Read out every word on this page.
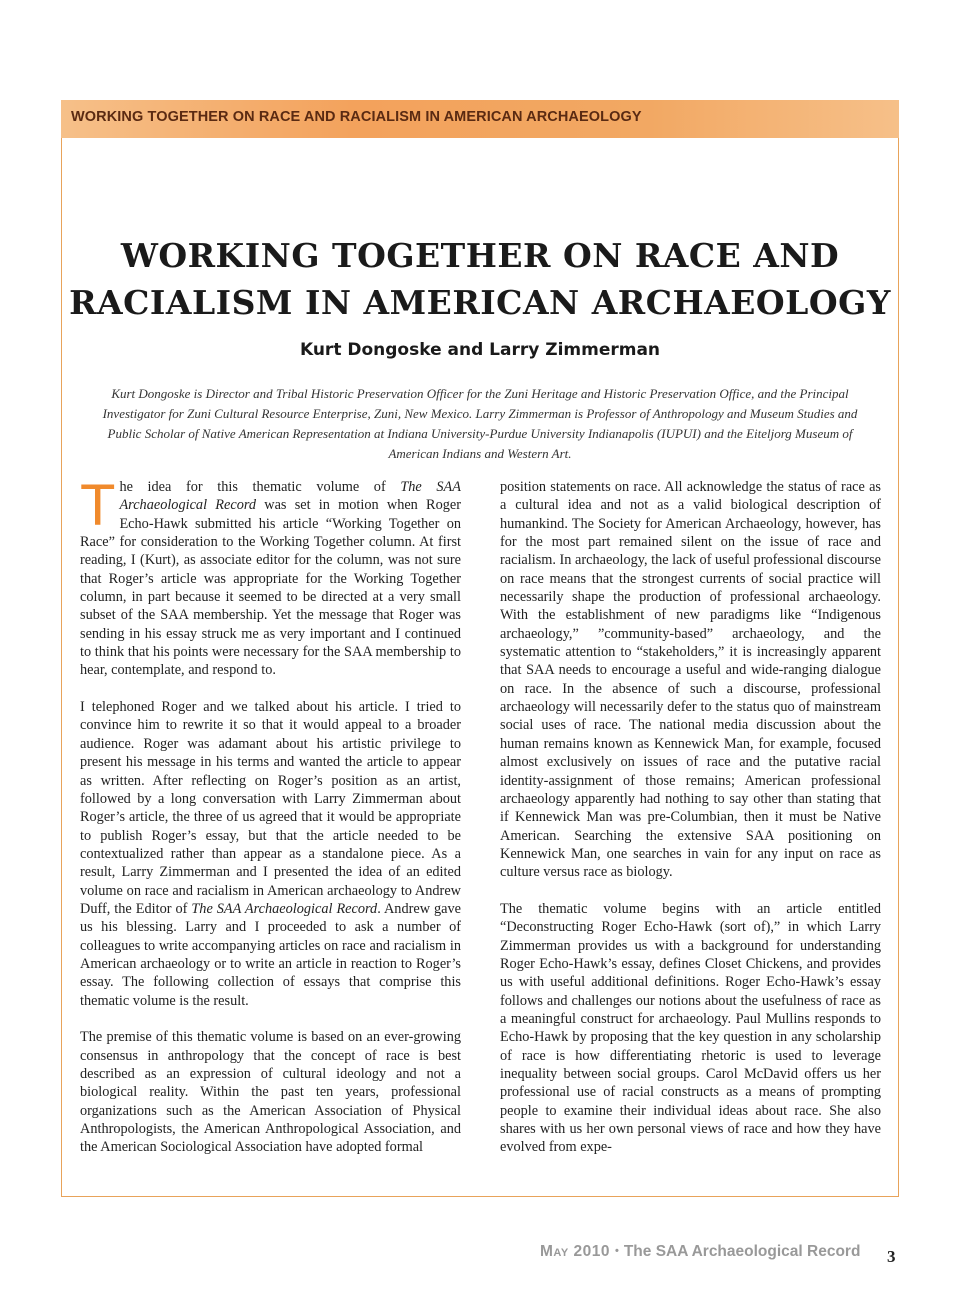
WORKING TOGETHER ON RACE AND RACIALISM IN AMERICAN ARCHAEOLOGY
WORKING TOGETHER ON RACE AND
RACIALISM IN AMERICAN ARCHAEOLOGY
Kurt Dongoske and Larry Zimmerman
Kurt Dongoske is Director and Tribal Historic Preservation Officer for the Zuni Heritage and Historic Preservation Office, and the Principal Investigator for Zuni Cultural Resource Enterprise, Zuni, New Mexico. Larry Zimmerman is Professor of Anthropology and Museum Studies and Public Scholar of Native American Representation at Indiana University-Purdue University Indianapolis (IUPUI) and the Eiteljorg Museum of American Indians and Western Art.

The idea for this thematic volume of The SAA Archaeological Record was set in motion when Roger Echo-Hawk submitted his article “Working Together on Race” for consideration to the Working Together column. At first reading, I (Kurt), as associate editor for the column, was not sure that Roger’s article was appropriate for the Working Together column, in part because it seemed to be directed at a very small subset of the SAA membership. Yet the message that Roger was sending in his essay struck me as very important and I continued to think that his points were necessary for the SAA membership to hear, contemplate, and respond to.

I telephoned Roger and we talked about his article. I tried to convince him to rewrite it so that it would appeal to a broader audience. Roger was adamant about his artistic privilege to present his message in his terms and wanted the article to appear as written. After reflecting on Roger’s position as an artist, followed by a long conversation with Larry Zimmerman about Roger’s article, the three of us agreed that it would be appropriate to publish Roger’s essay, but that the article needed to be contextualized rather than appear as a standalone piece. As a result, Larry Zimmerman and I presented the idea of an edited volume on race and racialism in American archaeology to Andrew Duff, the Editor of The SAA Archaeological Record. Andrew gave us his blessing. Larry and I proceeded to ask a number of colleagues to write accompanying articles on race and racialism in American archaeology or to write an article in reaction to Roger’s essay. The following collection of essays that comprise this thematic volume is the result.

The premise of this thematic volume is based on an ever-growing consensus in anthropology that the concept of race is best described as an expression of cultural ideology and not a biological reality. Within the past ten years, professional organizations such as the American Association of Physical Anthropologists, the American Anthropological Association, and the American Sociological Association have adopted formal

position statements on race. All acknowledge the status of race as a cultural idea and not as a valid biological description of humankind. The Society for American Archaeology, however, has for the most part remained silent on the issue of race and racialism. In archaeology, the lack of useful professional discourse on race means that the strongest currents of social practice will necessarily shape the production of professional archaeology. With the establishment of new paradigms like “Indigenous archaeology,” ”community-based” archaeology, and the systematic attention to “stakeholders,” it is increasingly apparent that SAA needs to encourage a useful and wide-ranging dialogue on race. In the absence of such a discourse, professional archaeology will necessarily defer to the status quo of mainstream social uses of race. The national media discussion about the human remains known as Kennewick Man, for example, focused almost exclusively on issues of race and the putative racial identity-assignment of those remains; American professional archaeology apparently had nothing to say other than stating that if Kennewick Man was pre-Columbian, then it must be Native American. Searching the extensive SAA positioning on Kennewick Man, one searches in vain for any input on race as culture versus race as biology.

The thematic volume begins with an article entitled “Deconstructing Roger Echo-Hawk (sort of),” in which Larry Zimmerman provides us with a background for understanding Roger Echo-Hawk’s essay, defines Closet Chickens, and provides us with useful additional definitions. Roger Echo-Hawk’s essay follows and challenges our notions about the usefulness of race as a meaningful construct for archaeology. Paul Mullins responds to Echo-Hawk by proposing that the key question in any scholarship of race is how differentiating rhetoric is used to leverage inequality between social groups. Carol McDavid offers us her professional use of racial constructs as a means of prompting people to examine their individual ideas about race. She also shares with us her own personal views of race and how they have evolved from expe-

May 2010 • The SAA Archaeological Record 3
